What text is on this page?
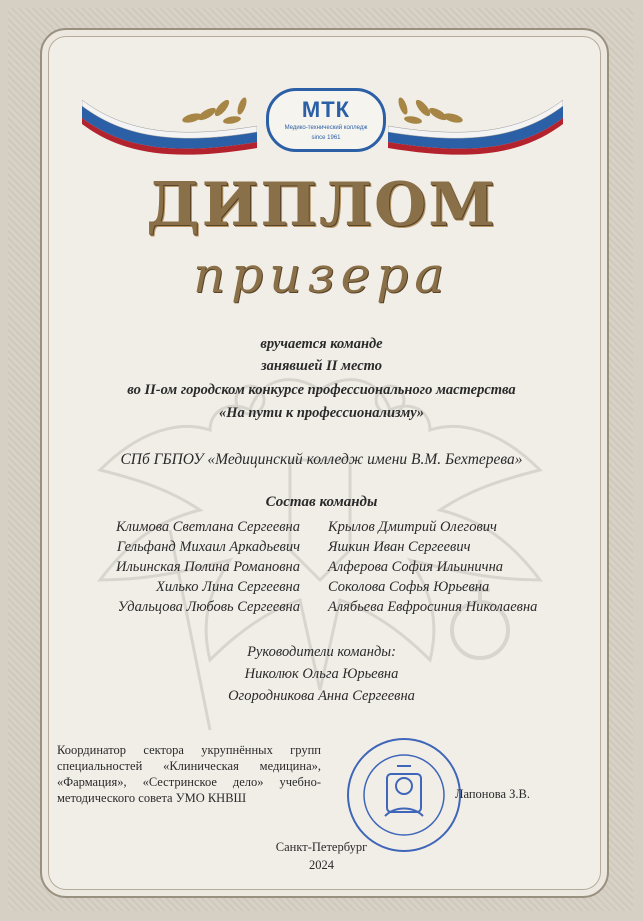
МТК
Медико-технический колледж
since 1961
ДИПЛОМ
призера
вручается команде
занявшей II место
во II-ом городском конкурсе профессионального мастерства
«На пути к профессионализму»
СПб ГБПОУ «Медицинский колледж имени В.М. Бехтерева»
Состав команды
Климова Светлана Сергеевна
Гельфанд Михаил Аркадьевич
Ильинская Полина Романовна
Хилько Лина Сергеевна
Удальцова Любовь Сергеевна
Крылов Дмитрий Олегович
Яшкин Иван Сергеевич
Алферова София Ильинична
Соколова Софья Юрьевна
Алябьева Евфросиния Николаевна
Руководители команды:
Николюк Ольга Юрьевна
Огородникова Анна Сергеевна
Координатор сектора укрупнённых групп специальностей «Клиническая медицина», «Фармация», «Сестринское дело» учебно-методического совета УМО КНВШ	Лапонова З.В.
Санкт-Петербург
2024
